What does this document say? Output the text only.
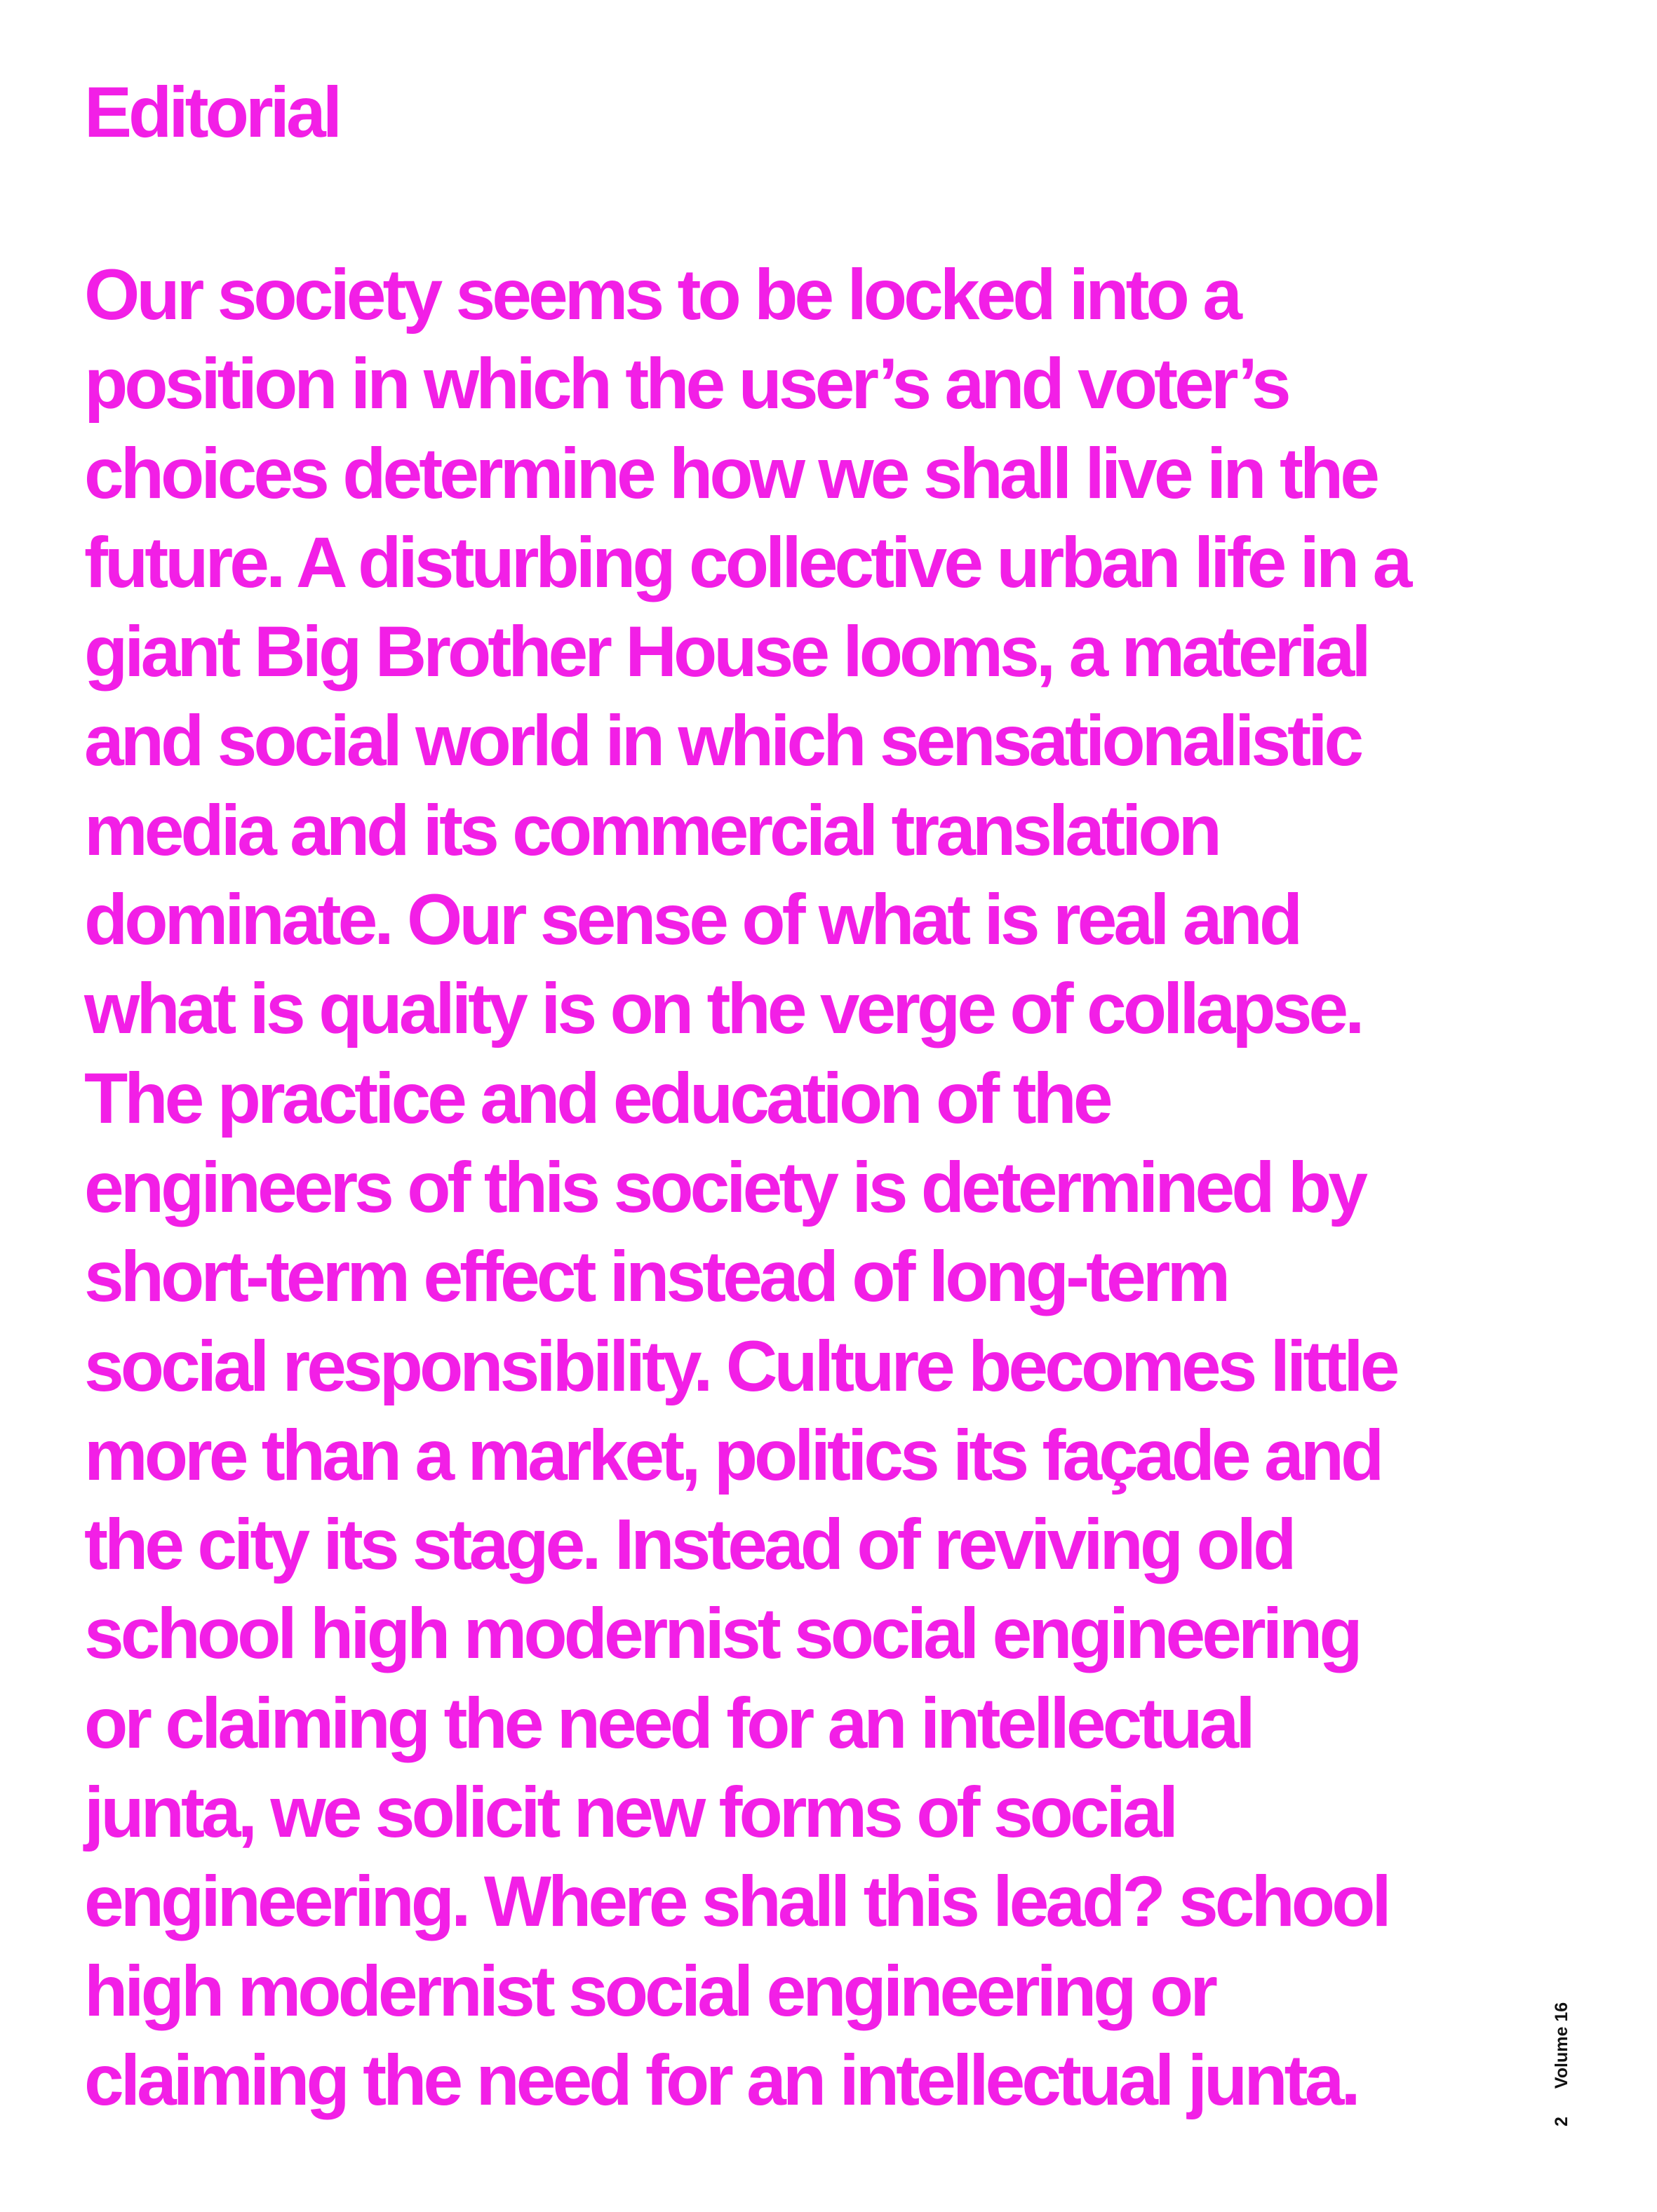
Editorial
Our society seems to be locked into a
position in which the user’s and voter’s
choices determine how we shall live in the
future. A disturbing collective urban life in a
giant Big Brother House looms, a material
and social world in which sensationalistic
media and its commercial translation
dominate. Our sense of what is real and
what is quality is on the verge of collapse.
The practice and education of the
engineers of this society is determined by
short-term effect instead of long-term
social responsibility. Culture becomes little
more than a market, politics its façade and
the city its stage. Instead of reviving old
school high modernist social engineering
or claiming the need for an intellectual
junta, we solicit new forms of social
engineering. Where shall this lead? school
high modernist social engineering or
claiming the need for an intellectual junta.
2
Volume 16
